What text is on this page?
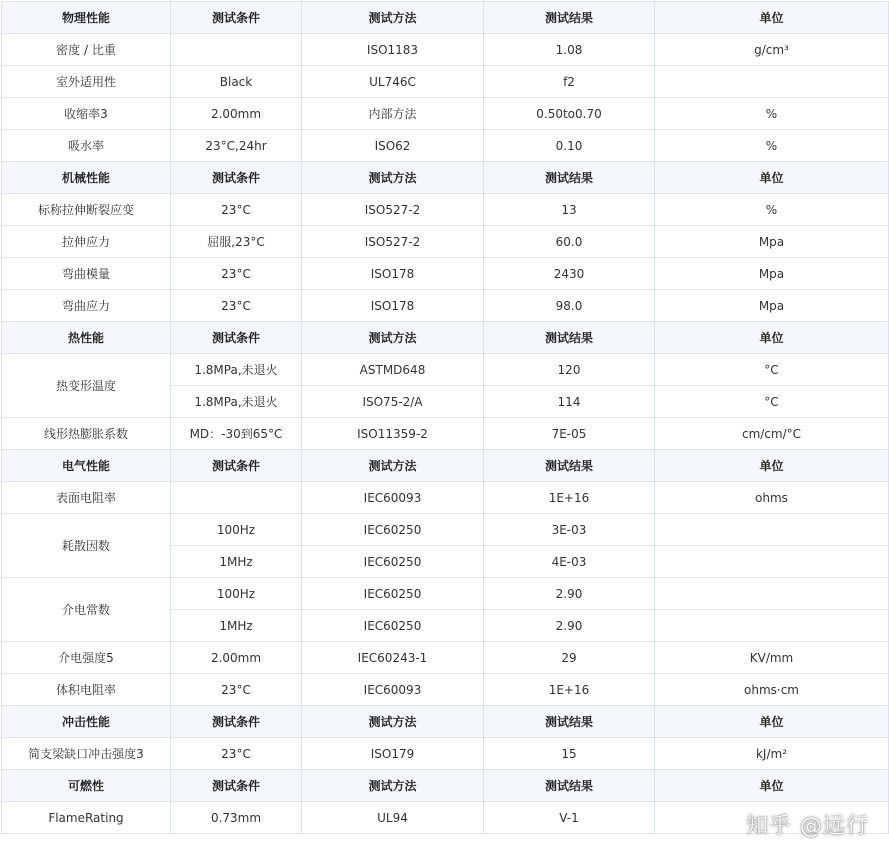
物理性能	测试条件	测试方法	测试结果	单位
密度 / 比重		ISO1183	1.08	g/cm³
室外适用性	Black	UL746C	f2	
收缩率3	2.00mm	内部方法	0.50to0.70	%
吸水率	23°C,24hr	ISO62	0.10	%
机械性能	测试条件	测试方法	测试结果	单位
标称拉伸断裂应变	23°C	ISO527-2	13	%
拉伸应力	屈服,23°C	ISO527-2	60.0	Mpa
弯曲模量	23°C	ISO178	2430	Mpa
弯曲应力	23°C	ISO178	98.0	Mpa
热性能	测试条件	测试方法	测试结果	单位
热变形温度	1.8MPa,未退火	ASTMD648	120	°C
	1.8MPa,未退火	ISO75-2/A	114	°C
线形热膨胀系数	MD：-30到65°C	ISO11359-2	7E-05	cm/cm/°C
电气性能	测试条件	测试方法	测试结果	单位
表面电阻率		IEC60093	1E+16	ohms
耗散因数	100Hz	IEC60250	3E-03	
	1MHz	IEC60250	4E-03	
介电常数	100Hz	IEC60250	2.90	
	1MHz	IEC60250	2.90	
介电强度5	2.00mm	IEC60243-1	29	KV/mm
体积电阻率	23°C	IEC60093	1E+16	ohms·cm
冲击性能	测试条件	测试方法	测试结果	单位
简支梁缺口冲击强度3	23°C	ISO179	15	kJ/m²
可燃性	测试条件	测试方法	测试结果	单位
FlameRating	0.73mm	UL94	V-1		知乎 @远行
